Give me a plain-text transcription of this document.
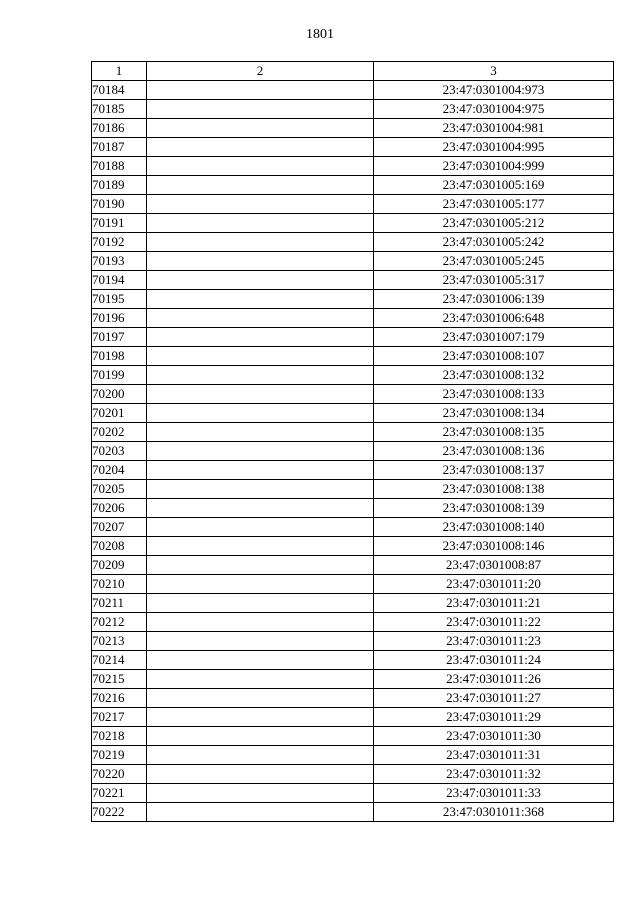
1801
1	2	3
70184		23:47:0301004:973
70185		23:47:0301004:975
70186		23:47:0301004:981
70187		23:47:0301004:995
70188		23:47:0301004:999
70189		23:47:0301005:169
70190		23:47:0301005:177
70191		23:47:0301005:212
70192		23:47:0301005:242
70193		23:47:0301005:245
70194		23:47:0301005:317
70195		23:47:0301006:139
70196		23:47:0301006:648
70197		23:47:0301007:179
70198		23:47:0301008:107
70199		23:47:0301008:132
70200		23:47:0301008:133
70201		23:47:0301008:134
70202		23:47:0301008:135
70203		23:47:0301008:136
70204		23:47:0301008:137
70205		23:47:0301008:138
70206		23:47:0301008:139
70207		23:47:0301008:140
70208		23:47:0301008:146
70209		23:47:0301008:87
70210		23:47:0301011:20
70211		23:47:0301011:21
70212		23:47:0301011:22
70213		23:47:0301011:23
70214		23:47:0301011:24
70215		23:47:0301011:26
70216		23:47:0301011:27
70217		23:47:0301011:29
70218		23:47:0301011:30
70219		23:47:0301011:31
70220		23:47:0301011:32
70221		23:47:0301011:33
70222		23:47:0301011:368
